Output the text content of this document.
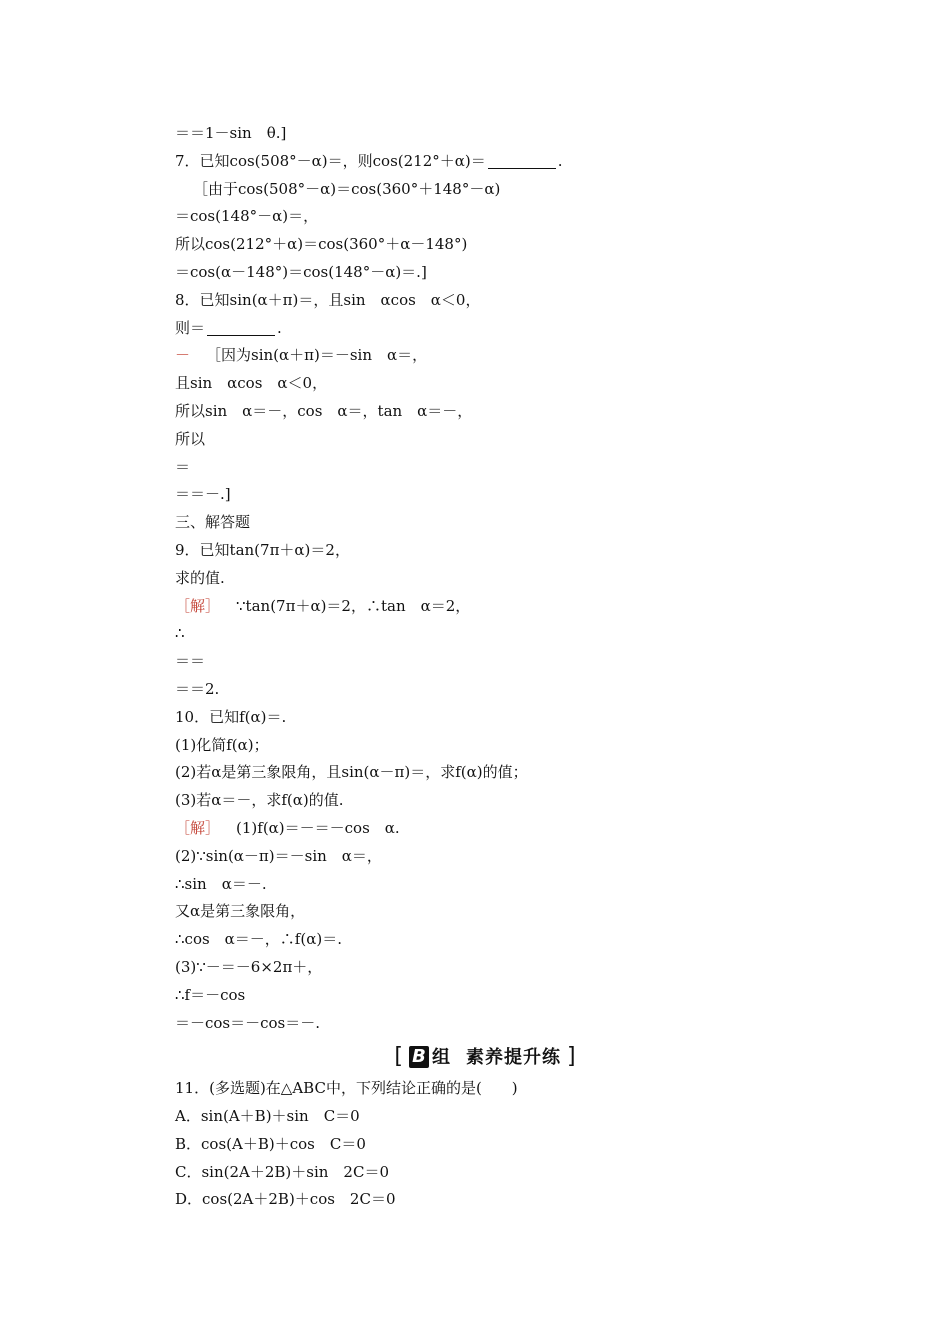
＝＝1－sin　θ.]
7．已知cos(508°－α)＝，则cos(212°＋α)＝	.
［由于cos(508°－α)＝cos(360°＋148°－α)
＝cos(148°－α)＝，
所以cos(212°＋α)＝cos(360°＋α－148°)
＝cos(α－148°)＝cos(148°－α)＝.]
8．已知sin(α＋π)＝，且sin　αcos　α＜0，
则＝	.
－ ［因为sin(α＋π)＝－sin　α＝，
且sin　αcos　α＜0，
所以sin　α＝－，cos　α＝，tan　α＝－，
所以
＝
＝＝－.]
三、解答题
9．已知tan(7π＋α)＝2，
求的值.
［解］ ∵tan(7π＋α)＝2，∴tan　α＝2，
∴
＝＝
＝＝2.
10．已知f(α)＝.
(1)化简f(α)；
(2)若α是第三象限角，且sin(α－π)＝，求f(α)的值；
(3)若α＝－，求f(α)的值.
［解］ (1)f(α)＝－＝－cos　α.
(2)∵sin(α－π)＝－sin　α＝，
∴sin　α＝－.
又α是第三象限角，
∴cos　α＝－，∴f(α)＝.
(3)∵－＝－6×2π＋，
∴f＝－cos
＝－cos＝－cos＝－.
[ B 组 素养提升练 ]
11．(多选题)在△ABC中，下列结论正确的是(　　)
A．sin(A＋B)＋sin　C＝0
B．cos(A＋B)＋cos　C＝0
C．sin(2A＋2B)＋sin　2C＝0
D．cos(2A＋2B)＋cos　2C＝0
